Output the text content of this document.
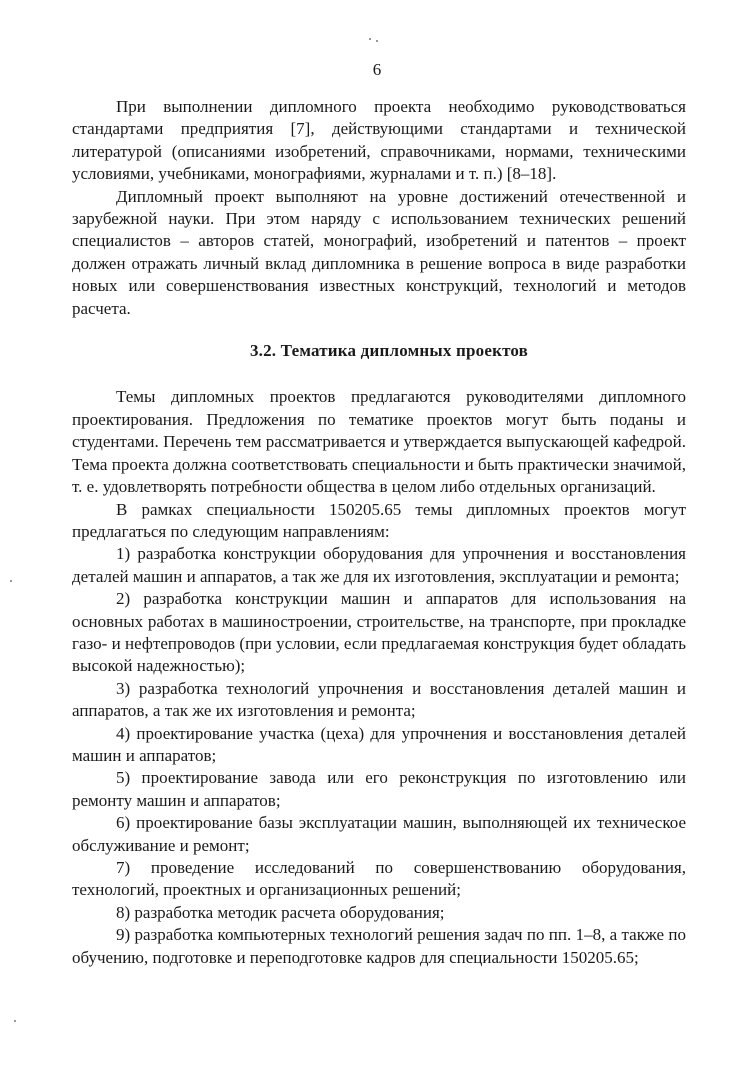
6

При выполнении дипломного проекта необходимо руководствоваться стандартами предприятия [7], действующими стандартами и технической литературой (описаниями изобретений, справочниками, нормами, техническими условиями, учебниками, монографиями, журналами и т. п.) [8–18].

Дипломный проект выполняют на уровне достижений отечественной и зарубежной науки. При этом наряду с использованием технических решений специалистов – авторов статей, монографий, изобретений и патентов – проект должен отражать личный вклад дипломника в решение вопроса в виде разработки новых или совершенствования известных конструкций, технологий и методов расчета.

3.2. Тематика дипломных проектов

Темы дипломных проектов предлагаются руководителями дипломного проектирования. Предложения по тематике проектов могут быть поданы и студентами. Перечень тем рассматривается и утверждается выпускающей кафедрой. Тема проекта должна соответствовать специальности и быть практически значимой, т. е. удовлетворять потребности общества в целом либо отдельных организаций.

В рамках специальности 150205.65 темы дипломных проектов могут предлагаться по следующим направлениям:

1) разработка конструкции оборудования для упрочнения и восстановления деталей машин и аппаратов, а так же для их изготовления, эксплуатации и ремонта;

2) разработка конструкции машин и аппаратов для использования на основных работах в машиностроении, строительстве, на транспорте, при прокладке газо- и нефтепроводов (при условии, если предлагаемая конструкция будет обладать высокой надежностью);

3) разработка технологий упрочнения и восстановления деталей машин и аппаратов, а так же их изготовления и ремонта;

4) проектирование участка (цеха) для упрочнения и восстановления деталей машин и аппаратов;

5) проектирование завода или его реконструкция по изготовлению или ремонту машин и аппаратов;

6) проектирование базы эксплуатации машин, выполняющей их техническое обслуживание и ремонт;

7) проведение исследований по совершенствованию оборудования, технологий, проектных и организационных решений;

8) разработка методик расчета оборудования;

9) разработка компьютерных технологий решения задач по пп. 1–8, а также по обучению, подготовке и переподготовке кадров для специальности 150205.65;
